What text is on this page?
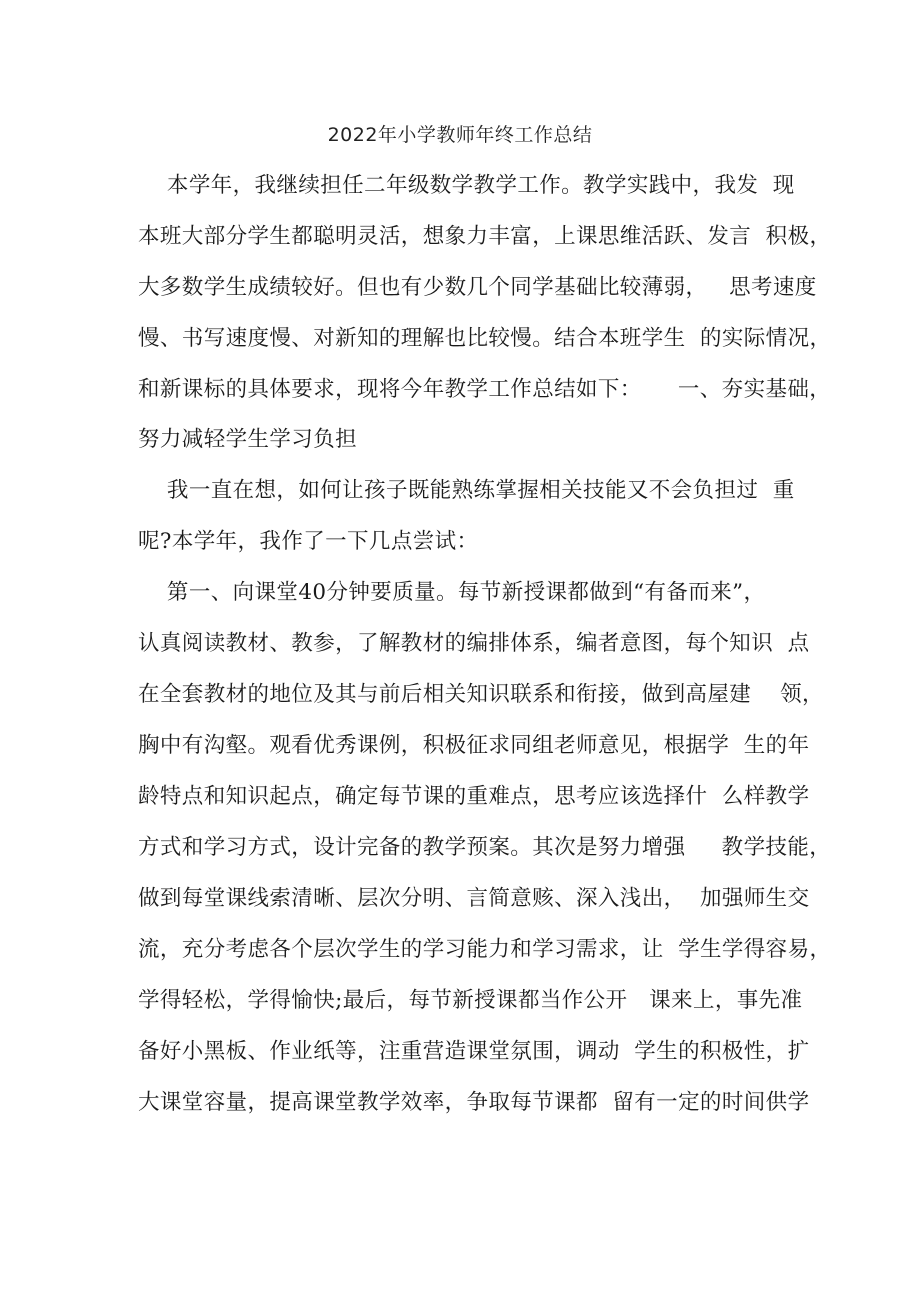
2022年小学教师年终工作总结
本学年，我继续担任二年级数学教学工作。教学实践中，我发  现
本班大部分学生都聪明灵活，想象力丰富，上课思维活跃、发言  积极，
大多数学生成绩较好。但也有少数几个同学基础比较薄弱，   思考速度
慢、书写速度慢、对新知的理解也比较慢。结合本班学生  的实际情况，
和新课标的具体要求，现将今年教学工作总结如下：     一、夯实基础，
努力减轻学生学习负担
我一直在想，如何让孩子既能熟练掌握相关技能又不会负担过  重
呢?本学年，我作了一下几点尝试：
第一、向课堂40分钟要质量。每节新授课都做到“有备而来”，
认真阅读教材、教参，了解教材的编排体系，编者意图，每个知识  点
在全套教材的地位及其与前后相关知识联系和衔接，做到高屋建    领，
胸中有沟壑。观看优秀课例，积极征求同组老师意见，根据学  生的年
龄特点和知识起点，确定每节课的重难点，思考应该选择什  么样教学
方式和学习方式，设计完备的教学预案。其次是努力增强     教学技能，
做到每堂课线索清晰、层次分明、言简意赅、深入浅出，  加强师生交
流，充分考虑各个层次学生的学习能力和学习需求，让  学生学得容易，
学得轻松，学得愉快;最后，每节新授课都当作公开   课来上，事先准
备好小黑板、作业纸等，注重营造课堂氛围，调动  学生的积极性，扩
大课堂容量，提高课堂教学效率，争取每节课都  留有一定的时间供学
